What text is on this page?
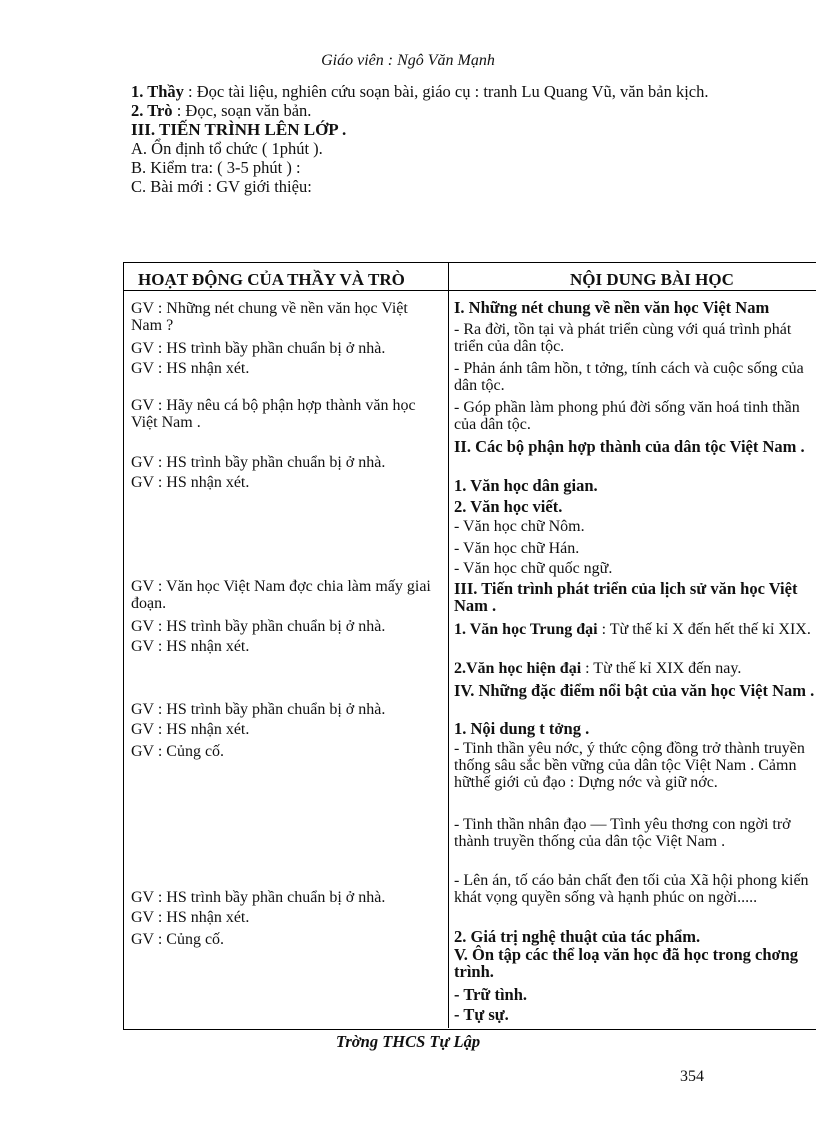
Giáo viên : Ngô Văn Mạnh

1. Thầy : Đọc tài liệu, nghiên cứu soạn bài, giáo cụ : tranh Lu Quang Vũ, văn bản kịch.

2. Trò : Đọc, soạn văn bản.

III. TIẾN TRÌNH LÊN LỚP .

A. Ổn định tổ chức ( 1phút ).

B. Kiểm tra: ( 3-5 phút ) :

C. Bài mới : GV giới thiệu:

HOẠT ĐỘNG CỦA THẦY VÀ TRÒ	NỘI DUNG BÀI HỌC
GV : Những nét chung về nền văn học Việt Nam ?
GV : HS trình bầy phần chuẩn bị ở nhà.
GV : HS nhận xét.
GV : Hãy nêu cá bộ phận hợp thành văn học Việt Nam .
GV : HS trình bầy phần chuẩn bị ở nhà.
GV : HS nhận xét.
GV : Văn học Việt Nam đợc chia làm mấy giai đoạn.
GV : HS trình bầy phần chuẩn bị ở nhà.
GV : HS nhận xét.
GV : HS trình bầy phần chuẩn bị ở nhà.
GV : HS nhận xét.
GV : Củng cố.
GV : HS trình bầy phần chuẩn bị ở nhà.
GV : HS nhận xét.
GV : Củng cố.
I. Những nét chung về nền văn học Việt Nam
- Ra đời, tồn tại và phát triển cùng với quá trình phát triển của dân tộc.
- Phản ánh tâm hồn, t tởng, tính cách và cuộc sống của dân tộc.
- Góp phần làm phong phú đời sống văn hoá tinh thần của dân tộc.
II. Các bộ phận hợp thành của dân tộc Việt Nam .
1. Văn học dân gian.
2. Văn học viết.
- Văn học chữ Nôm.
- Văn học chữ Hán.
- Văn học chữ quốc ngữ.
III. Tiến trình phát triển của lịch sử văn học Việt Nam .
1. Văn học Trung đại : Từ thế kỉ X đến hết thế kỉ XIX.
2.Văn học hiện đại : Từ thế kỉ XIX đến nay.
IV. Những đặc điểm nổi bật của văn học Việt Nam .
1. Nội dung t tởng .
- Tinh thần yêu nớc, ý thức cộng đồng trở thành truyền thống sâu sắc bền vững của dân tộc Việt Nam . Cảmn hữthế giới củ đạo : Dựng nớc và giữ nớc.
- Tinh thần nhân đạo — Tình yêu thơng con ngời trở thành truyền thống của dân tộc Việt Nam .
- Lên án, tố cáo bản chất đen tối của Xã hội phong kiến khát vọng quyền sống và hạnh phúc on ngời.....
2. Giá trị nghệ thuật của tác phẩm.
V. Ôn tập các thể loạ văn học đã học trong chơng trình.
- Trữ tình.
- Tự sự.
Trờng THCS Tự Lập
354
